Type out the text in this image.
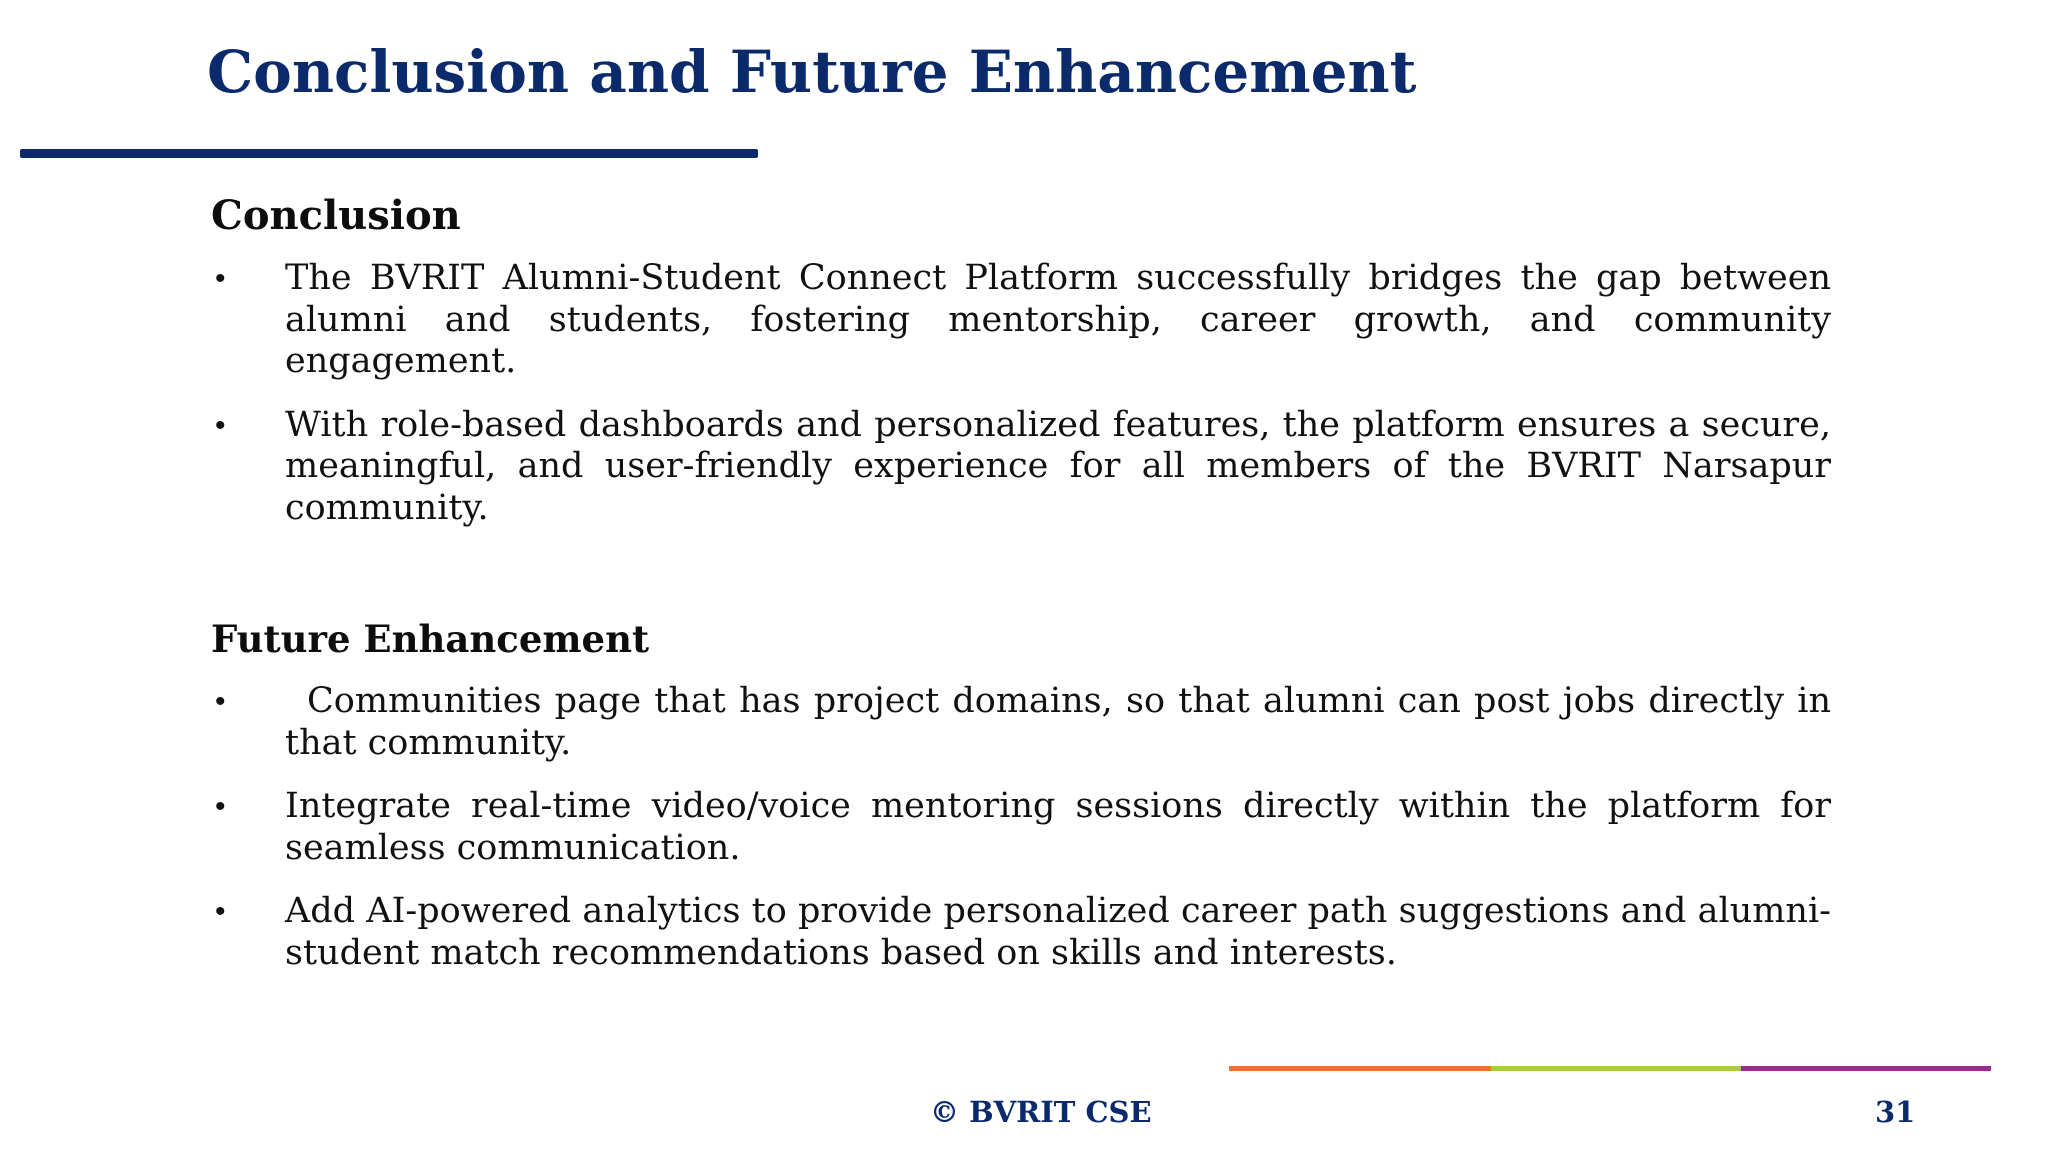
Conclusion and Future Enhancement
Conclusion
• The BVRIT Alumni-Student Connect Platform successfully bridges the gap between alumni and students, fostering mentorship, career growth, and community engagement.
• With role-based dashboards and personalized features, the platform ensures a secure, meaningful, and user-friendly experience for all members of the BVRIT Narsapur community.
Future Enhancement
• Communities page that has project domains, so that alumni can post jobs directly in that community.
• Integrate real-time video/voice mentoring sessions directly within the platform for seamless communication.
• Add AI-powered analytics to provide personalized career path suggestions and alumni-student match recommendations based on skills and interests.
© BVRIT CSE	31
